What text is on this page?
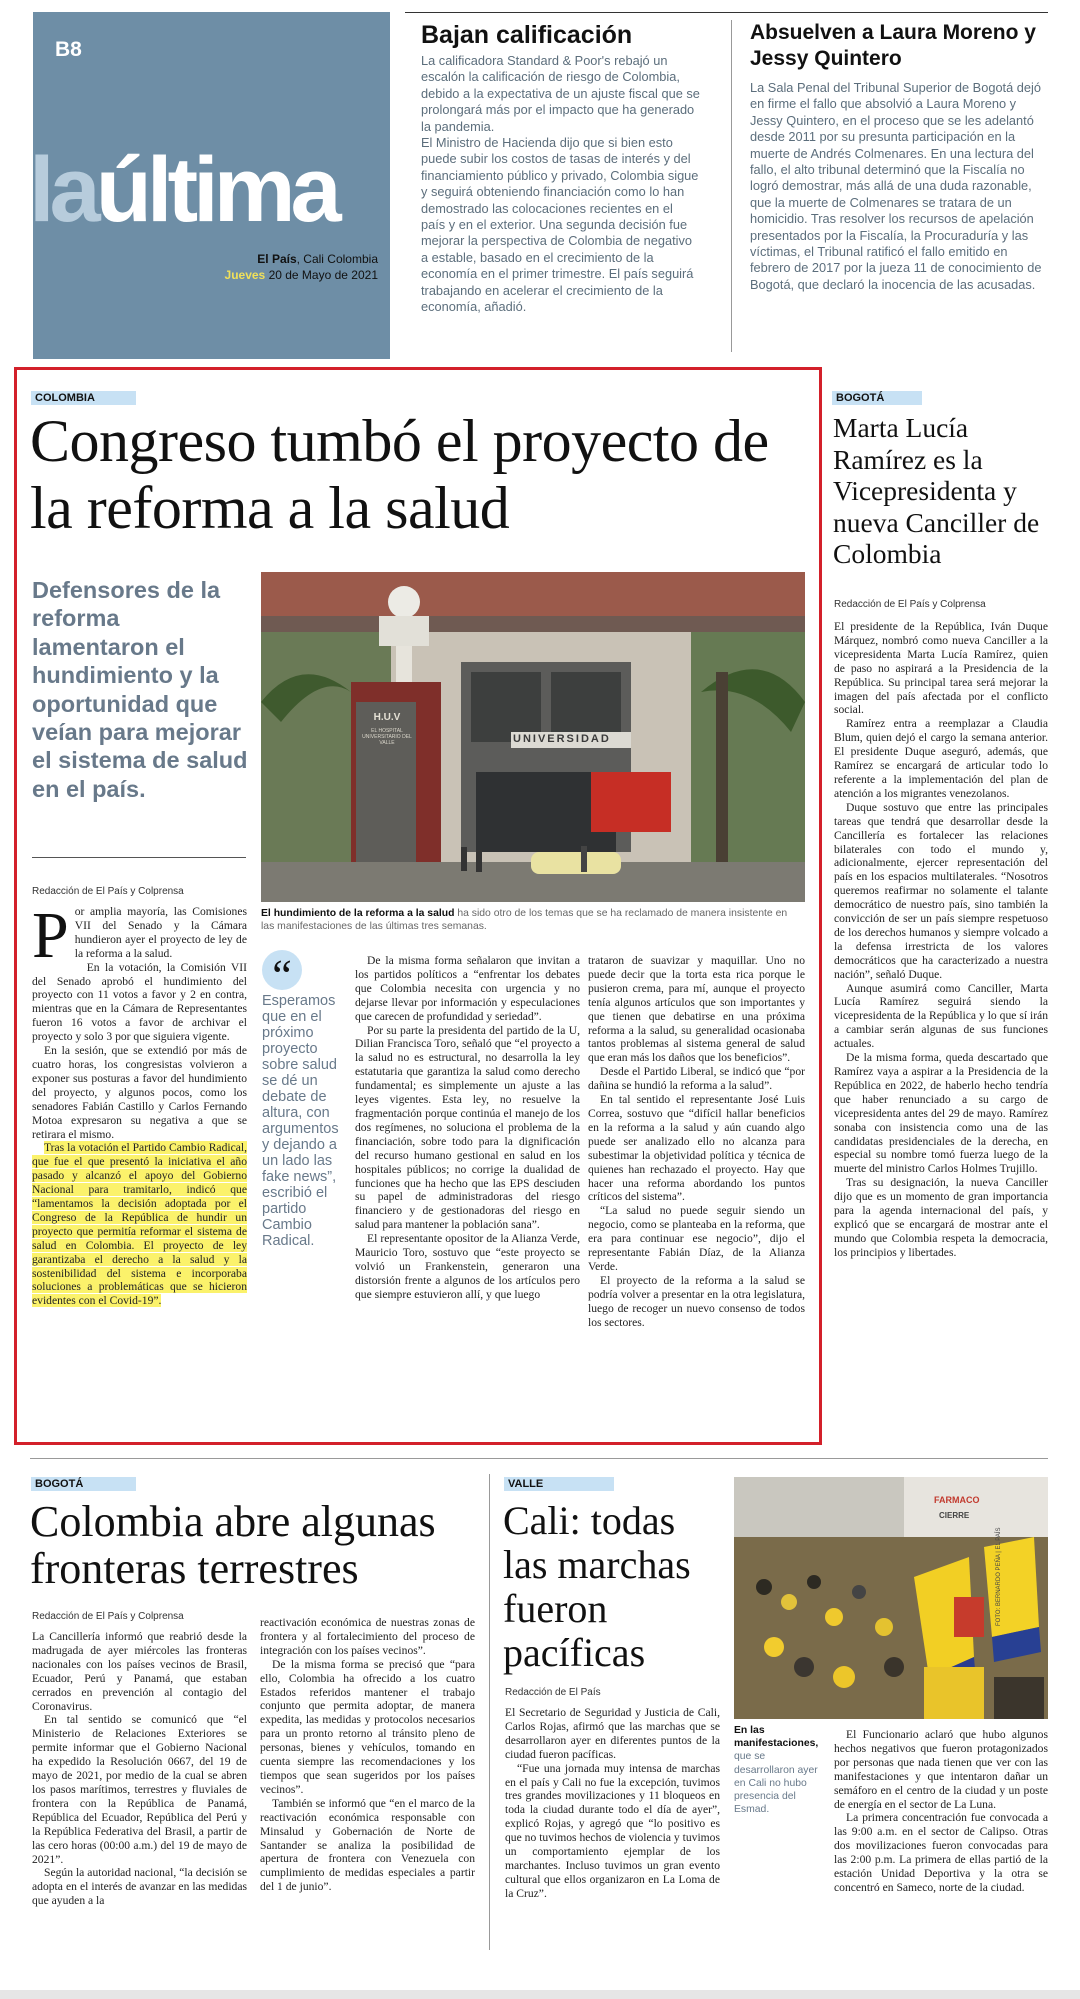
B8
laúltima
El País, Cali Colombia
Jueves 20 de Mayo de 2021
Bajan calificación
La calificadora Standard & Poor's rebajó un escalón la calificación de riesgo de Colombia, debido a la expectativa de un ajuste fiscal que se prolongará más por el impacto que ha generado la pandemia.
El Ministro de Hacienda dijo que si bien esto puede subir los costos de tasas de interés y del financiamiento público y privado, Colombia sigue y seguirá obteniendo financiación como lo han demostrado las colocaciones recientes en el país y en el exterior. Una segunda decisión fue mejorar la perspectiva de Colombia de negativo a estable, basado en el crecimiento de la economía en el primer trimestre. El país seguirá trabajando en acelerar el crecimiento de la economía, añadió.
Absuelven a Laura Moreno y Jessy Quintero
La Sala Penal del Tribunal Superior de Bogotá dejó en firme el fallo que absolvió a Laura Moreno y Jessy Quintero, en el proceso que se les adelantó desde 2011 por su presunta participación en la muerte de Andrés Colmenares. En una lectura del fallo, el alto tribunal determinó que la Fiscalía no logró demostrar, más allá de una duda razonable, que la muerte de Colmenares se tratara de un homicidio. Tras resolver los recursos de apelación presentados por la Fiscalía, la Procuraduría y las víctimas, el Tribunal ratificó el fallo emitido en febrero de 2017 por la jueza 11 de conocimiento de Bogotá, que declaró la inocencia de las acusadas.
COLOMBIA
Congreso tumbó el proyecto de la reforma a la salud
Defensores de la reforma lamentaron el hundimiento y la oportunidad que veían para mejorar el sistema de salud en el país.
H.U.V
EL HOSPITAL UNIVERSITARIO DEL VALLE	UNIVERSIDAD
El hundimiento de la reforma a la salud ha sido otro de los temas que se ha reclamado de manera insistente en las manifestaciones de las últimas tres semanas.
Redacción de El País y Colprensa
P or amplia mayoría, las Comisiones VII del Senado y la Cámara hundieron ayer el proyecto de ley de la reforma a la salud.

En la votación, la Comisión VII del Senado aprobó el hundimiento del proyecto con 11 votos a favor y 2 en contra, mientras que en la Cámara de Representantes fueron 16 votos a favor de archivar el proyecto y solo 3 por que siguiera vigente.

En la sesión, que se extendió por más de cuatro horas, los congresistas volvieron a exponer sus posturas a favor del hundimiento del proyecto, y algunos pocos, como los senadores Fabián Castillo y Carlos Fernando Motoa expresaron su negativa a que se retirara el mismo.

Tras la votación el Partido Cambio Radical, que fue el que presentó la iniciativa el año pasado y alcanzó el apoyo del Gobierno Nacional para tramitarlo, indicó que “lamentamos la decisión adoptada por el Congreso de la República de hundir un proyecto que permitía reformar el sistema de salud en Colombia. El proyecto de ley garantizaba el derecho a la salud y la sostenibilidad del sistema e incorporaba soluciones a problemáticas que se hicieron evidentes con el Covid-19”.

“
Esperamos que en el próximo proyecto sobre salud se dé un debate de altura, con argumentos y dejando a un lado las fake news”, escribió el partido Cambio Radical.

De la misma forma señalaron que invitan a los partidos políticos a “enfrentar los debates que Colombia necesita con urgencia y no dejarse llevar por información y especulaciones que carecen de profundidad y seriedad”.

Por su parte la presidenta del partido de la U, Dilian Francisca Toro, señaló que “el proyecto a la salud no es estructural, no desarrolla la ley estatutaria que garantiza la salud como derecho fundamental; es simplemente un ajuste a las leyes vigentes. Esta ley, no resuelve la fragmentación porque continúa el manejo de los dos regímenes, no soluciona el problema de la financiación, sobre todo para la dignificación del recurso humano gestional en salud en los hospitales públicos; no corrige la dualidad de funciones que ha hecho que las EPS desciuden su papel de administradoras del riesgo financiero y de gestionadoras del riesgo en salud para mantener la población sana”.

El representante opositor de la Alianza Verde, Mauricio Toro, sostuvo que “este proyecto se volvió un Frankenstein, generaron una distorsión frente a algunos de los artículos pero que siempre estuvieron allí, y que luego

trataron de suavizar y maquillar. Uno no puede decir que la torta esta rica porque le pusieron crema, para mí, aunque el proyecto tenía algunos artículos que son importantes y que tienen que debatirse en una próxima reforma a la salud, su generalidad ocasionaba tantos problemas al sistema general de salud que eran más los daños que los beneficios”.

Desde el Partido Liberal, se indicó que “por dañina se hundió la reforma a la salud”.

En tal sentido el representante José Luis Correa, sostuvo que “difícil hallar beneficios en la reforma a la salud y aún cuando algo puede ser analizado ello no alcanza para subestimar la objetividad política y técnica de quienes han rechazado el proyecto. Hay que hacer una reforma abordando los puntos críticos del sistema”.

“La salud no puede seguir siendo un negocio, como se planteaba en la reforma, que era para continuar ese negocio”, dijo el representante Fabián Díaz, de la Alianza Verde.

El proyecto de la reforma a la salud se podría volver a presentar en la otra legislatura, luego de recoger un nuevo consenso de todos los sectores.

BOGOTÁ
Marta Lucía Ramírez es la Vicepresidenta y nueva Canciller de Colombia
Redacción de El País y Colprensa

El presidente de la República, Iván Duque Márquez, nombró como nueva Canciller a la vicepresidenta Marta Lucía Ramírez, quien de paso no aspirará a la Presidencia de la República. Su principal tarea será mejorar la imagen del país afectada por el conflicto social.

Ramírez entra a reemplazar a Claudia Blum, quien dejó el cargo la semana anterior. El presidente Duque aseguró, además, que Ramírez se encargará de articular todo lo referente a la implementación del plan de atención a los migrantes venezolanos.

Duque sostuvo que entre las principales tareas que tendrá que desarrollar desde la Cancillería es fortalecer las relaciones bilaterales con todo el mundo y, adicionalmente, ejercer representación del país en los espacios multilaterales. “Nosotros queremos reafirmar no solamente el talante democrático de nuestro país, sino también la convicción de ser un país siempre respetuoso de los derechos humanos y siempre volcado a la defensa irrestricta de los valores democráticos que ha caracterizado a nuestra nación”, señaló Duque.

Aunque asumirá como Canciller, Marta Lucía Ramírez seguirá siendo la vicepresidenta de la República y lo que sí irán a cambiar serán algunas de sus funciones actuales.

De la misma forma, queda descartado que Ramírez vaya a aspirar a la Presidencia de la República en 2022, de haberlo hecho tendría que haber renunciado a su cargo de vicepresidenta antes del 29 de mayo. Ramírez sonaba con insistencia como una de las candidatas presidenciales de la derecha, en especial su nombre tomó fuerza luego de la muerte del ministro Carlos Holmes Trujillo.

Tras su designación, la nueva Canciller dijo que es un momento de gran importancia para la agenda internacional del país, y explicó que se encargará de mostrar ante el mundo que Colombia respeta la democracia, los principios y libertades.

BOGOTÁ
Colombia abre algunas fronteras terrestres
Redacción de El País y Colprensa

La Cancillería informó que reabrió desde la madrugada de ayer miércoles las fronteras nacionales con los países vecinos de Brasil, Ecuador, Perú y Panamá, que estaban cerrados en prevención al contagio del Coronavirus.

En tal sentido se comunicó que “el Ministerio de Relaciones Exteriores se permite informar que el Gobierno Nacional ha expedido la Resolución 0667, del 19 de mayo de 2021, por medio de la cual se abren los pasos marítimos, terrestres y fluviales de frontera con la República de Panamá, República del Ecuador, República del Perú y la República Federativa del Brasil, a partir de las cero horas (00:00 a.m.) del 19 de mayo de 2021”.

Según la autoridad nacional, “la decisión se adopta en el interés de avanzar en las medidas que ayuden a la

reactivación económica de nuestras zonas de frontera y al fortalecimiento del proceso de integración con los países vecinos”.

De la misma forma se precisó que “para ello, Colombia ha ofrecido a los cuatro Estados referidos mantener el trabajo conjunto que permita adoptar, de manera expedita, las medidas y protocolos necesarios para un pronto retorno al tránsito pleno de personas, bienes y vehículos, tomando en cuenta siempre las recomendaciones y los tiempos que sean sugeridos por los países vecinos”.

También se informó que “en el marco de la reactivación económica responsable con Minsalud y Gobernación de Norte de Santander se analiza la posibilidad de apertura de frontera con Venezuela con cumplimiento de medidas especiales a partir del 1 de junio”.

VALLE
Cali: todas las marchas fueron pacíficas
Redacción de El País

El Secretario de Seguridad y Justicia de Cali, Carlos Rojas, afirmó que las marchas que se desarrollaron ayer en diferentes puntos de la ciudad fueron pacíficas.

“Fue una jornada muy intensa de marchas en el país y Cali no fue la excepción, tuvimos tres grandes movilizaciones y 11 bloqueos en toda la ciudad durante todo el día de ayer”, explicó Rojas, y agregó que “lo positivo es que no tuvimos hechos de violencia y tuvimos un comportamiento ejemplar de los marchantes. Incluso tuvimos un gran evento cultural que ellos organizaron en La Loma de la Cruz”.

FARMACO
CIERRE
FOTO: BERNARDO PEÑA | EL PAÍS
En las manifestaciones, que se desarrollaron ayer en Cali no hubo presencia del Esmad.

El Funcionario aclaró que hubo algunos hechos negativos que fueron protagonizados por personas que nada tienen que ver con las manifestaciones y que intentaron dañar un semáforo en el centro de la ciudad y un poste de energía en el sector de La Luna.

La primera concentración fue convocada a las 9:00 a.m. en el sector de Calipso. Otras dos movilizaciones fueron convocadas para las 2:00 p.m. La primera de ellas partió de la estación Unidad Deportiva y la otra se concentró en Sameco, norte de la ciudad.
